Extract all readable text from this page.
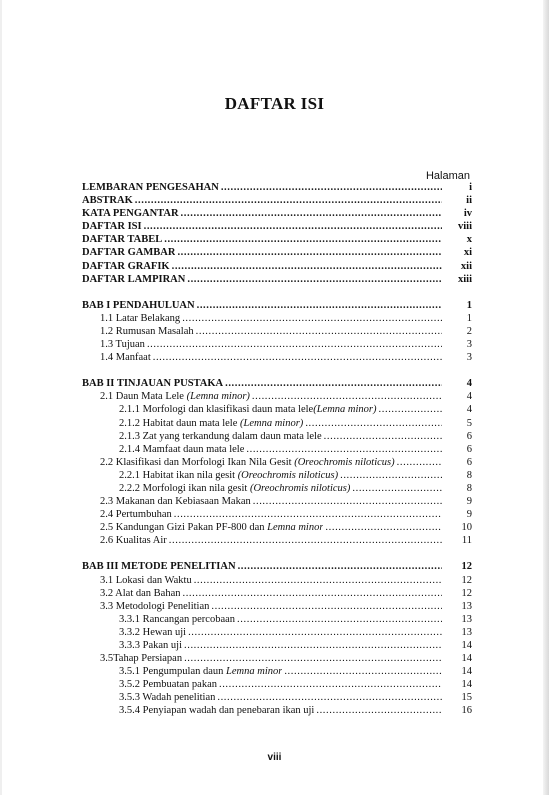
DAFTAR ISI
Halaman
LEMBARAN PENGESAHAN .....	i
ABSTRAK .....	ii
KATA PENGANTAR .....	iv
DAFTAR ISI .....	viii
DAFTAR TABEL .....	x
DAFTAR GAMBAR .....	xi
DAFTAR GRAFIK .....	xii
DAFTAR LAMPIRAN .....	xiii
BAB I PENDAHULUAN .....	1
1.1 Latar Belakang .....	1
1.2 Rumusan Masalah .....	2
1.3 Tujuan .....	3
1.4 Manfaat .....	3
BAB II TINJAUAN PUSTAKA .....	4
2.1 Daun Mata Lele (Lemna minor) .....	4
2.1.1 Morfologi dan klasifikasi daun mata lele(Lemna minor) .....	4
2.1.2 Habitat daun mata lele (Lemna minor) .....	5
2.1.3 Zat yang terkandung dalam daun mata lele .....	6
2.1.4 Mamfaat daun mata lele .....	6
2.2 Klasifikasi dan Morfologi Ikan Nila Gesit (Oreochromis niloticus) .....	6
2.2.1 Habitat ikan nila gesit (Oreochromis niloticus) .....	8
2.2.2 Morfologi ikan nila gesit (Oreochromis niloticus) .....	8
2.3 Makanan dan Kebiasaan Makan .....	9
2.4 Pertumbuhan .....	9
2.5 Kandungan Gizi Pakan PF-800 dan Lemna minor .....	10
2.6 Kualitas Air .....	11
BAB III METODE PENELITIAN .....	12
3.1 Lokasi dan Waktu .....	12
3.2 Alat dan Bahan .....	12
3.3 Metodologi Penelitian .....	13
3.3.1 Rancangan percobaan .....	13
3.3.2 Hewan uji .....	13
3.3.3 Pakan uji .....	14
3.5Tahap Persiapan .....	14
3.5.1 Pengumpulan daun Lemna minor .....	14
3.5.2 Pembuatan pakan .....	14
3.5.3 Wadah penelitian .....	15
3.5.4 Penyiapan wadah dan penebaran ikan uji .....	16
viii
